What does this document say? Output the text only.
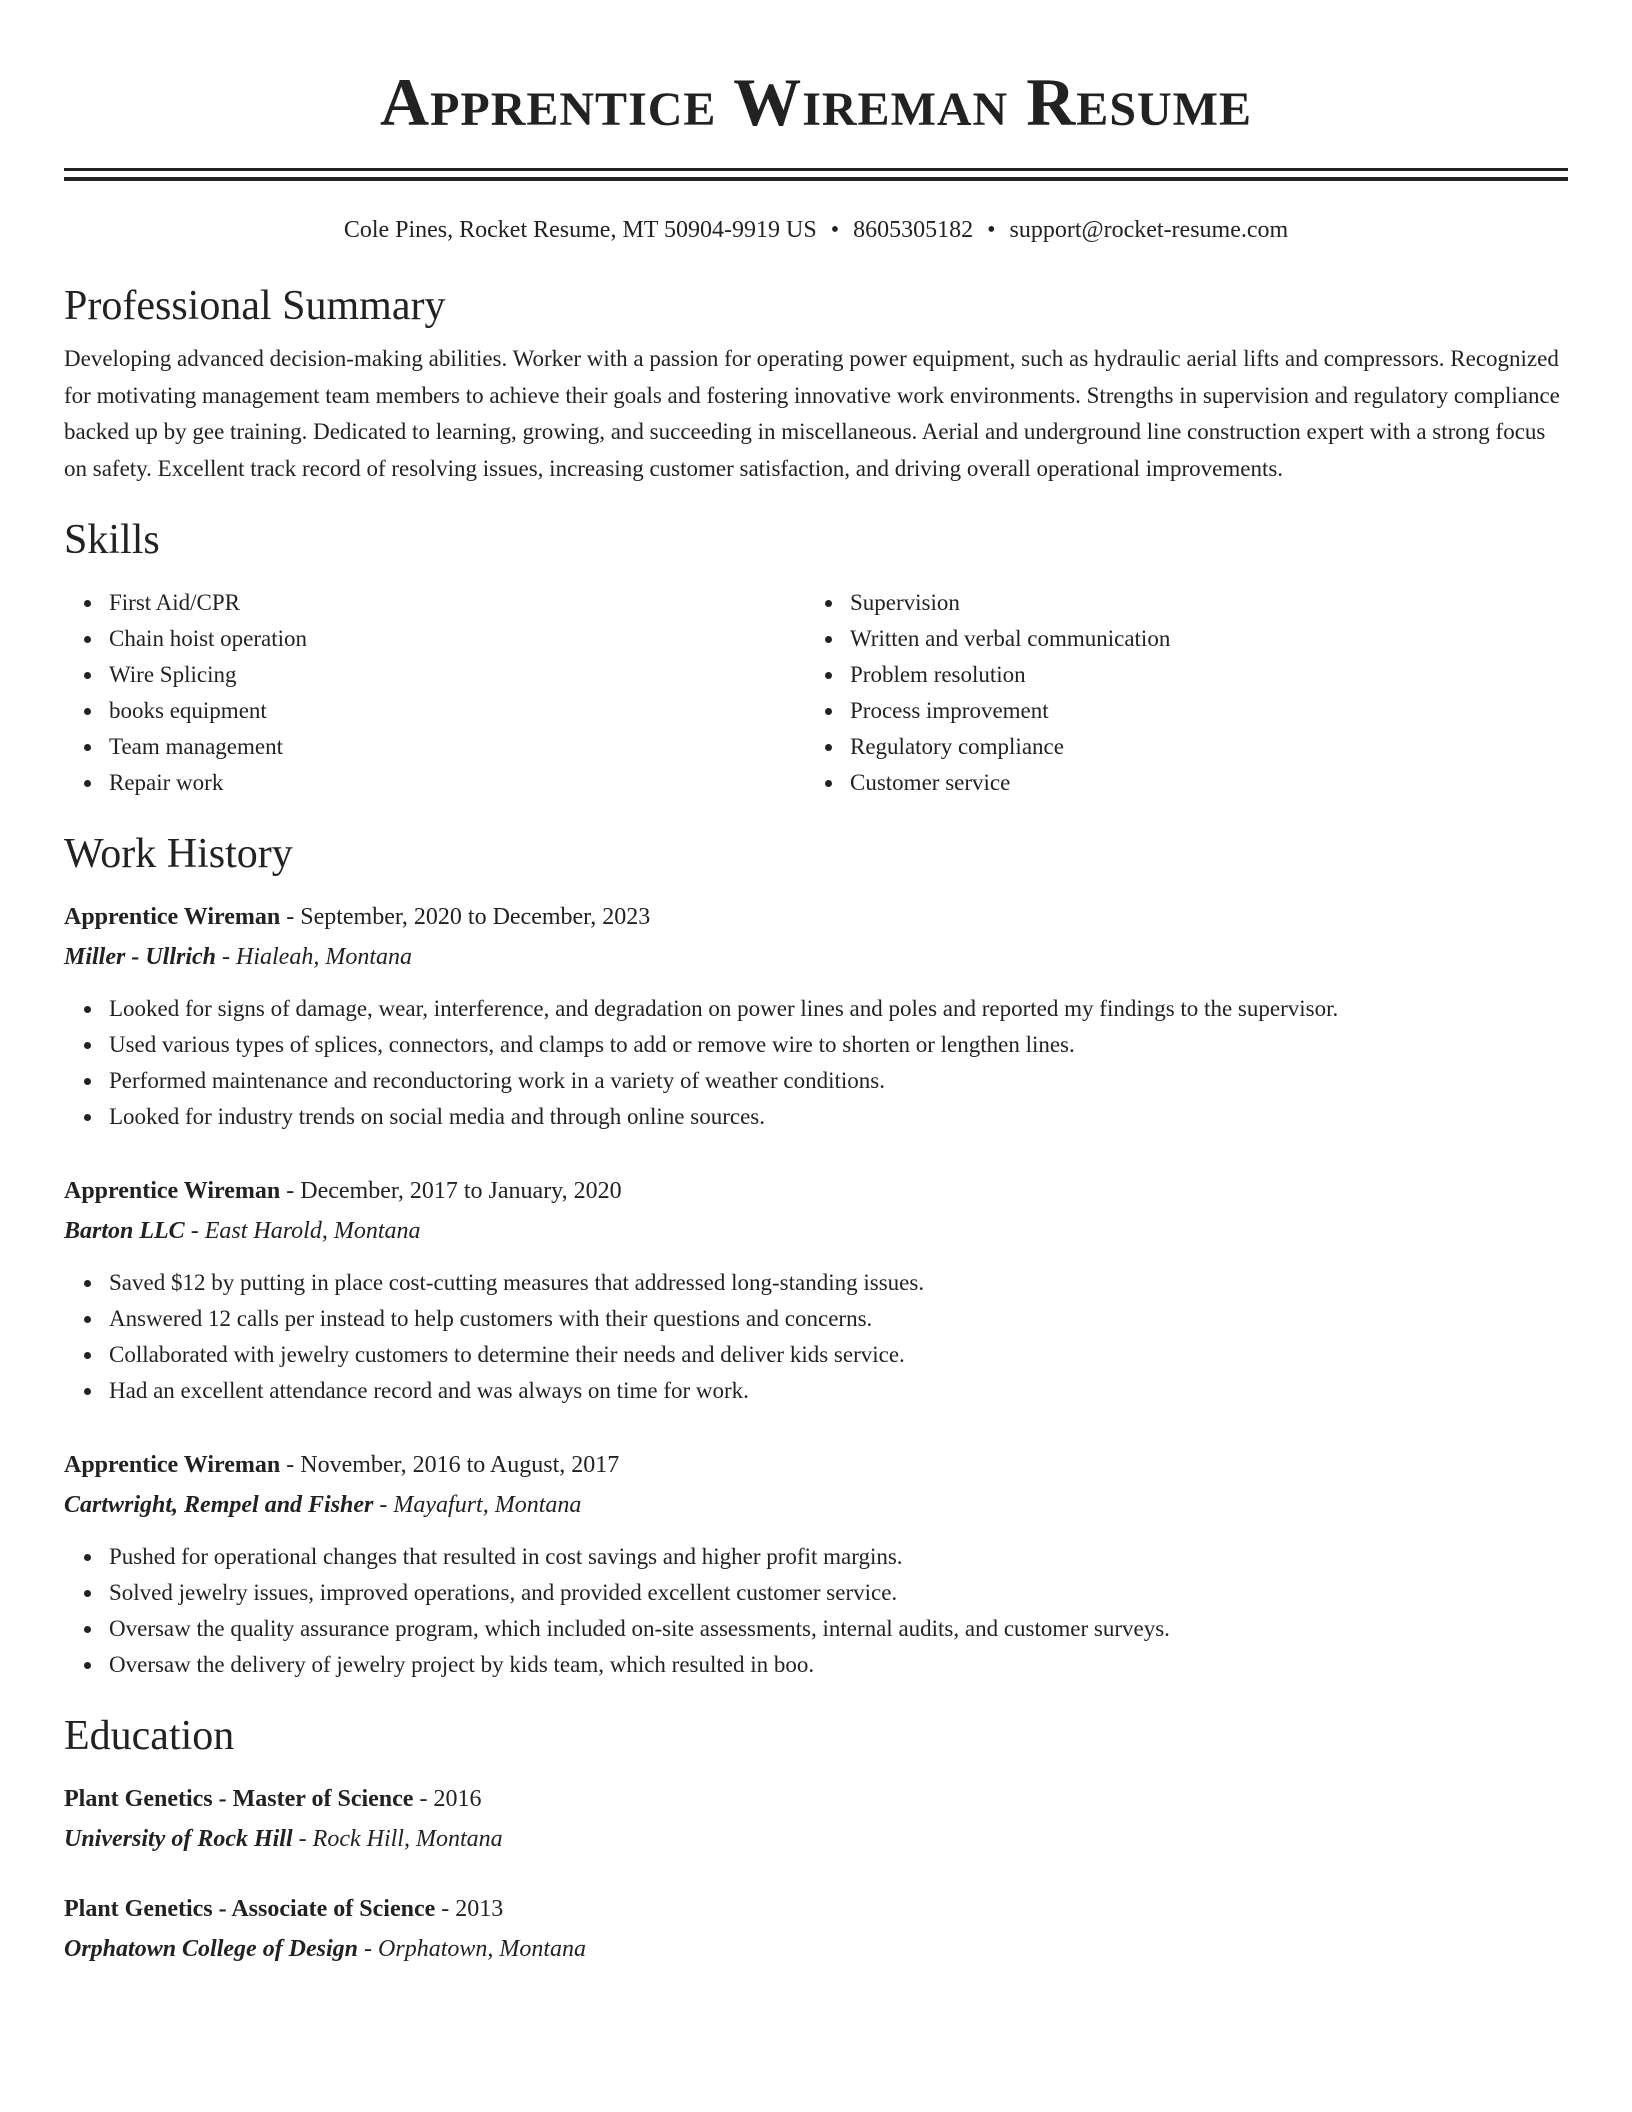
Apprentice Wireman Resume
Cole Pines, Rocket Resume, MT 50904-9919 US • 8605305182 • support@rocket-resume.com
Professional Summary
Developing advanced decision-making abilities. Worker with a passion for operating power equipment, such as hydraulic aerial lifts and compressors. Recognized for motivating management team members to achieve their goals and fostering innovative work environments. Strengths in supervision and regulatory compliance backed up by gee training. Dedicated to learning, growing, and succeeding in miscellaneous. Aerial and underground line construction expert with a strong focus on safety. Excellent track record of resolving issues, increasing customer satisfaction, and driving overall operational improvements.
Skills
First Aid/CPR
Chain hoist operation
Wire Splicing
books equipment
Team management
Repair work
Supervision
Written and verbal communication
Problem resolution
Process improvement
Regulatory compliance
Customer service
Work History
Apprentice Wireman - September, 2020 to December, 2023
Miller - Ullrich - Hialeah, Montana
Looked for signs of damage, wear, interference, and degradation on power lines and poles and reported my findings to the supervisor.
Used various types of splices, connectors, and clamps to add or remove wire to shorten or lengthen lines.
Performed maintenance and reconductoring work in a variety of weather conditions.
Looked for industry trends on social media and through online sources.
Apprentice Wireman - December, 2017 to January, 2020
Barton LLC - East Harold, Montana
Saved $12 by putting in place cost-cutting measures that addressed long-standing issues.
Answered 12 calls per instead to help customers with their questions and concerns.
Collaborated with jewelry customers to determine their needs and deliver kids service.
Had an excellent attendance record and was always on time for work.
Apprentice Wireman - November, 2016 to August, 2017
Cartwright, Rempel and Fisher - Mayafurt, Montana
Pushed for operational changes that resulted in cost savings and higher profit margins.
Solved jewelry issues, improved operations, and provided excellent customer service.
Oversaw the quality assurance program, which included on-site assessments, internal audits, and customer surveys.
Oversaw the delivery of jewelry project by kids team, which resulted in boo.
Education
Plant Genetics - Master of Science - 2016
University of Rock Hill - Rock Hill, Montana
Plant Genetics - Associate of Science - 2013
Orphatown College of Design - Orphatown, Montana
